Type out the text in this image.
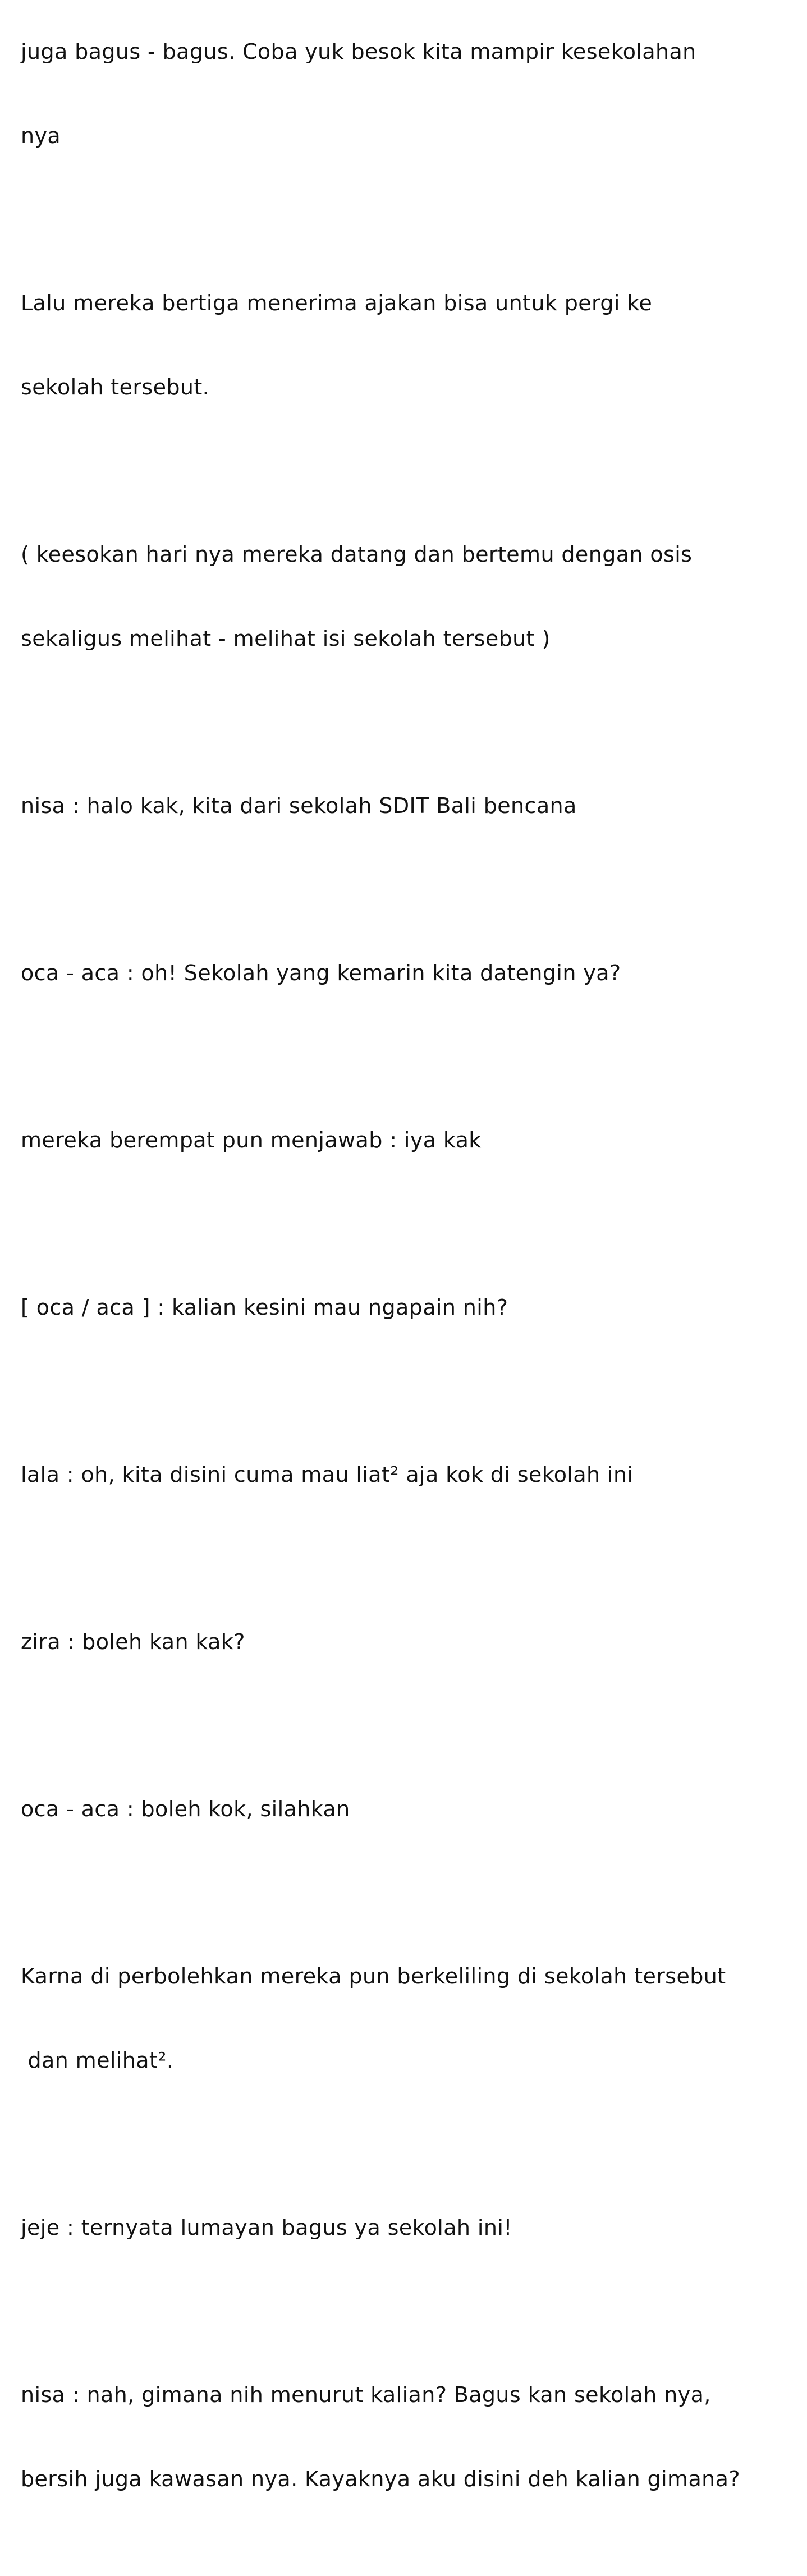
juga bagus - bagus. Coba yuk besok kita mampir kesekolahan

nya

Lalu mereka bertiga menerima ajakan bisa untuk pergi ke

sekolah tersebut.

( keesokan hari nya mereka datang dan bertemu dengan osis

sekaligus melihat - melihat isi sekolah tersebut )

nisa : halo kak, kita dari sekolah SDIT Bali bencana

oca - aca : oh! Sekolah yang kemarin kita datengin ya?

mereka berempat pun menjawab : iya kak

[ oca / aca ] : kalian kesini mau ngapain nih?

lala : oh, kita disini cuma mau liat² aja kok di sekolah ini

zira : boleh kan kak?

oca - aca : boleh kok, silahkan

Karna di perbolehkan mereka pun berkeliling di sekolah tersebut

dan melihat².

jeje : ternyata lumayan bagus ya sekolah ini!

nisa : nah, gimana nih menurut kalian? Bagus kan sekolah nya,

bersih juga kawasan nya. Kayaknya aku disini deh kalian gimana?
